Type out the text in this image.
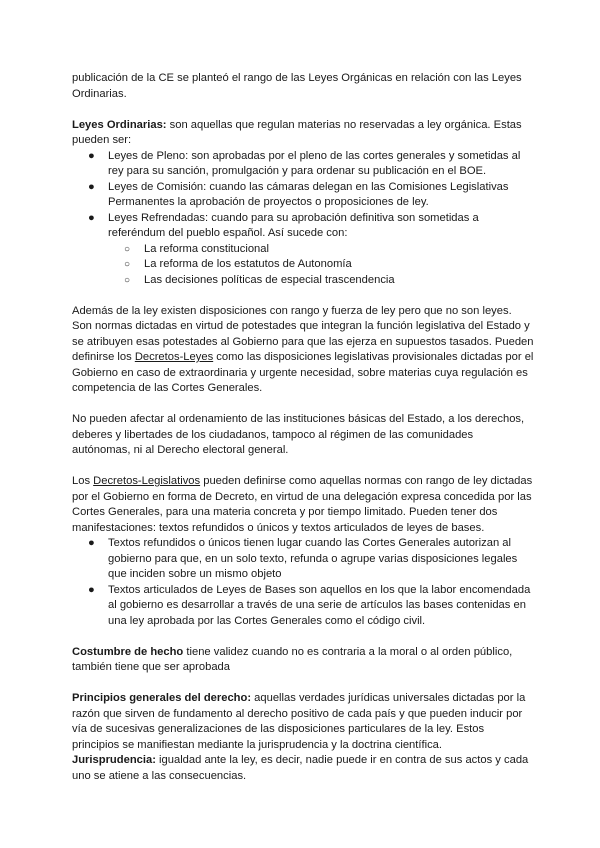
publicación de la CE se planteó el rango de las Leyes Orgánicas en relación con las Leyes Ordinarias.

Leyes Ordinarias: son aquellas que regulan materias no reservadas a ley orgánica. Estas pueden ser:

● Leyes de Pleno: son aprobadas por el pleno de las cortes generales y sometidas al rey para su sanción, promulgación y para ordenar su publicación en el BOE.
● Leyes de Comisión: cuando las cámaras delegan en las Comisiones Legislativas Permanentes la aprobación de proyectos o proposiciones de ley.
● Leyes Refrendadas: cuando para su aprobación definitiva son sometidas a referéndum del pueblo español. Así sucede con:
○ La reforma constitucional
○ La reforma de los estatutos de Autonomía
○ Las decisiones políticas de especial trascendencia

Además de la ley existen disposiciones con rango y fuerza de ley pero que no son leyes. Son normas dictadas en virtud de potestades que integran la función legislativa del Estado y se atribuyen esas potestades al Gobierno para que las ejerza en supuestos tasados. Pueden definirse los Decretos-Leyes como las disposiciones legislativas provisionales dictadas por el Gobierno en caso de extraordinaria y urgente necesidad, sobre materias cuya regulación es competencia de las Cortes Generales.

No pueden afectar al ordenamiento de las instituciones básicas del Estado, a los derechos, deberes y libertades de los ciudadanos, tampoco al régimen de las comunidades autónomas, ni al Derecho electoral general.

Los Decretos-Legislativos pueden definirse como aquellas normas con rango de ley dictadas por el Gobierno en forma de Decreto, en virtud de una delegación expresa concedida por las Cortes Generales, para una materia concreta y por tiempo limitado. Pueden tener dos manifestaciones: textos refundidos o únicos y textos articulados de leyes de bases.

● Textos refundidos o únicos tienen lugar cuando las Cortes Generales autorizan al gobierno para que, en un solo texto, refunda o agrupe varias disposiciones legales que inciden sobre un mismo objeto
● Textos articulados de Leyes de Bases son aquellos en los que la labor encomendada al gobierno es desarrollar a través de una serie de artículos las bases contenidas en una ley aprobada por las Cortes Generales como el código civil.

Costumbre de hecho tiene validez cuando no es contraria a la moral o al orden público, también tiene que ser aprobada

Principios generales del derecho: aquellas verdades jurídicas universales dictadas por la razón que sirven de fundamento al derecho positivo de cada país y que pueden inducir por vía de sucesivas generalizaciones de las disposiciones particulares de la ley. Estos principios se manifiestan mediante la jurisprudencia y la doctrina científica.

Jurisprudencia: igualdad ante la ley, es decir, nadie puede ir en contra de sus actos y cada uno se atiene a las consecuencias.
